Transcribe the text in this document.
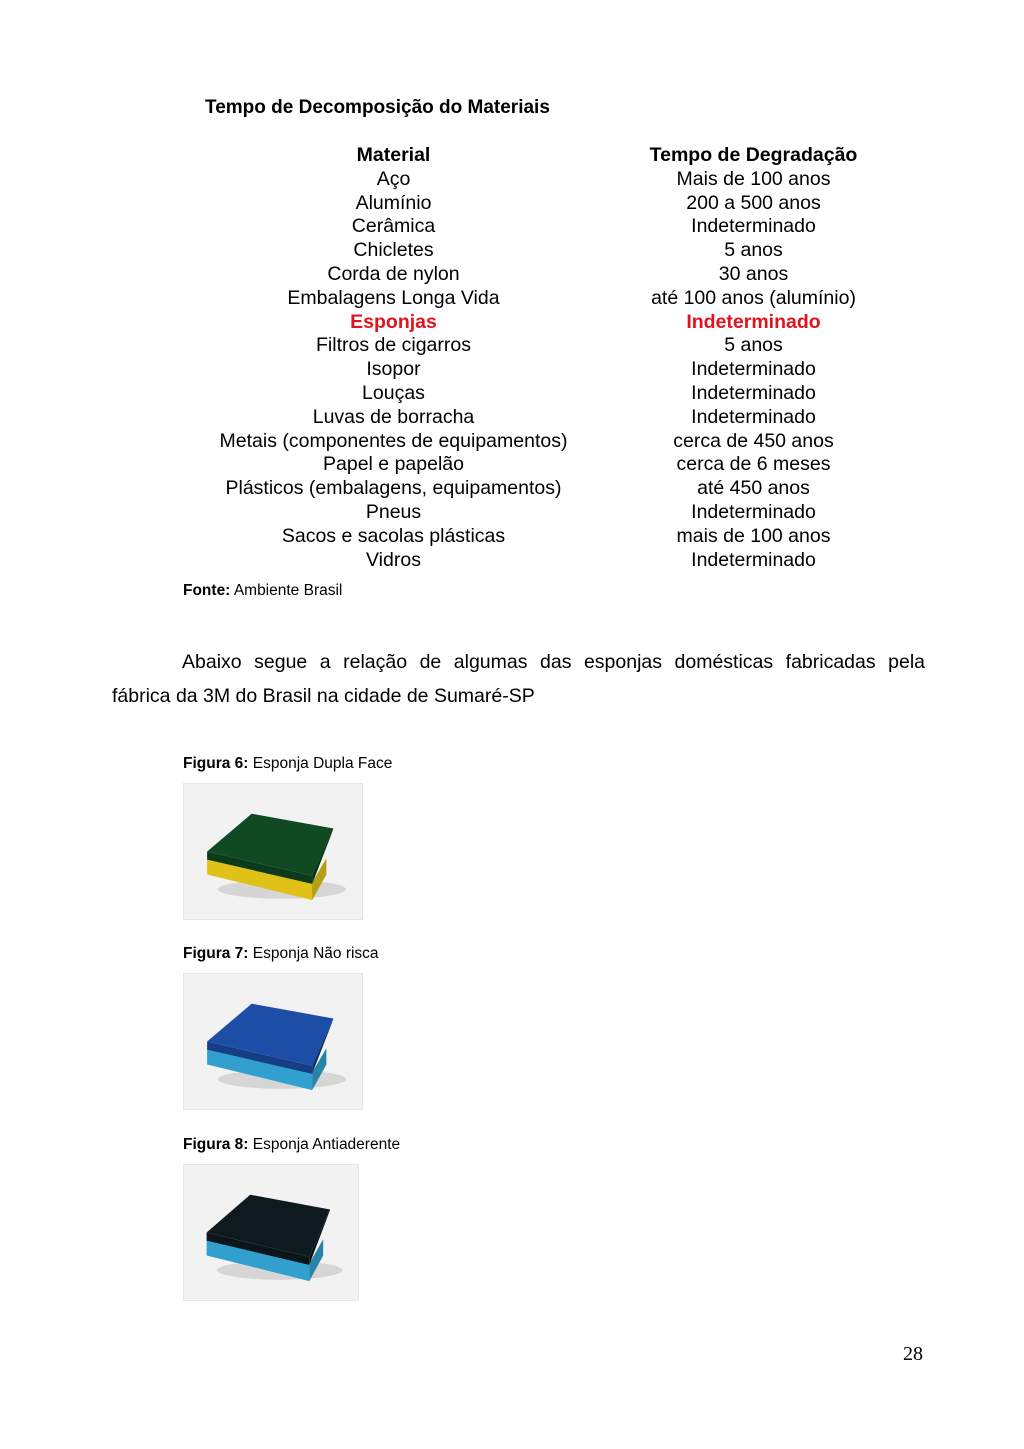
Tempo de Decomposição do Materiais
Material	Tempo de Degradação
Aço	Mais de 100 anos
Alumínio	200 a 500 anos
Cerâmica	Indeterminado
Chicletes	5 anos
Corda de nylon	30 anos
Embalagens Longa Vida	até 100 anos (alumínio)
Esponjas	Indeterminado
Filtros de cigarros	5 anos
Isopor	Indeterminado
Louças	Indeterminado
Luvas de borracha	Indeterminado
Metais (componentes de equipamentos)	cerca de 450 anos
Papel e papelão	cerca de 6 meses
Plásticos (embalagens, equipamentos)	até 450 anos
Pneus	Indeterminado
Sacos e sacolas plásticas	mais de 100 anos
Vidros	Indeterminado
Fonte: Ambiente Brasil
Abaixo segue a relação de algumas das esponjas domésticas fabricadas pela
fábrica da 3M do Brasil na cidade de Sumaré-SP
Figura 6: Esponja Dupla Face
Figura 7: Esponja Não risca
Figura 8: Esponja Antiaderente
28
